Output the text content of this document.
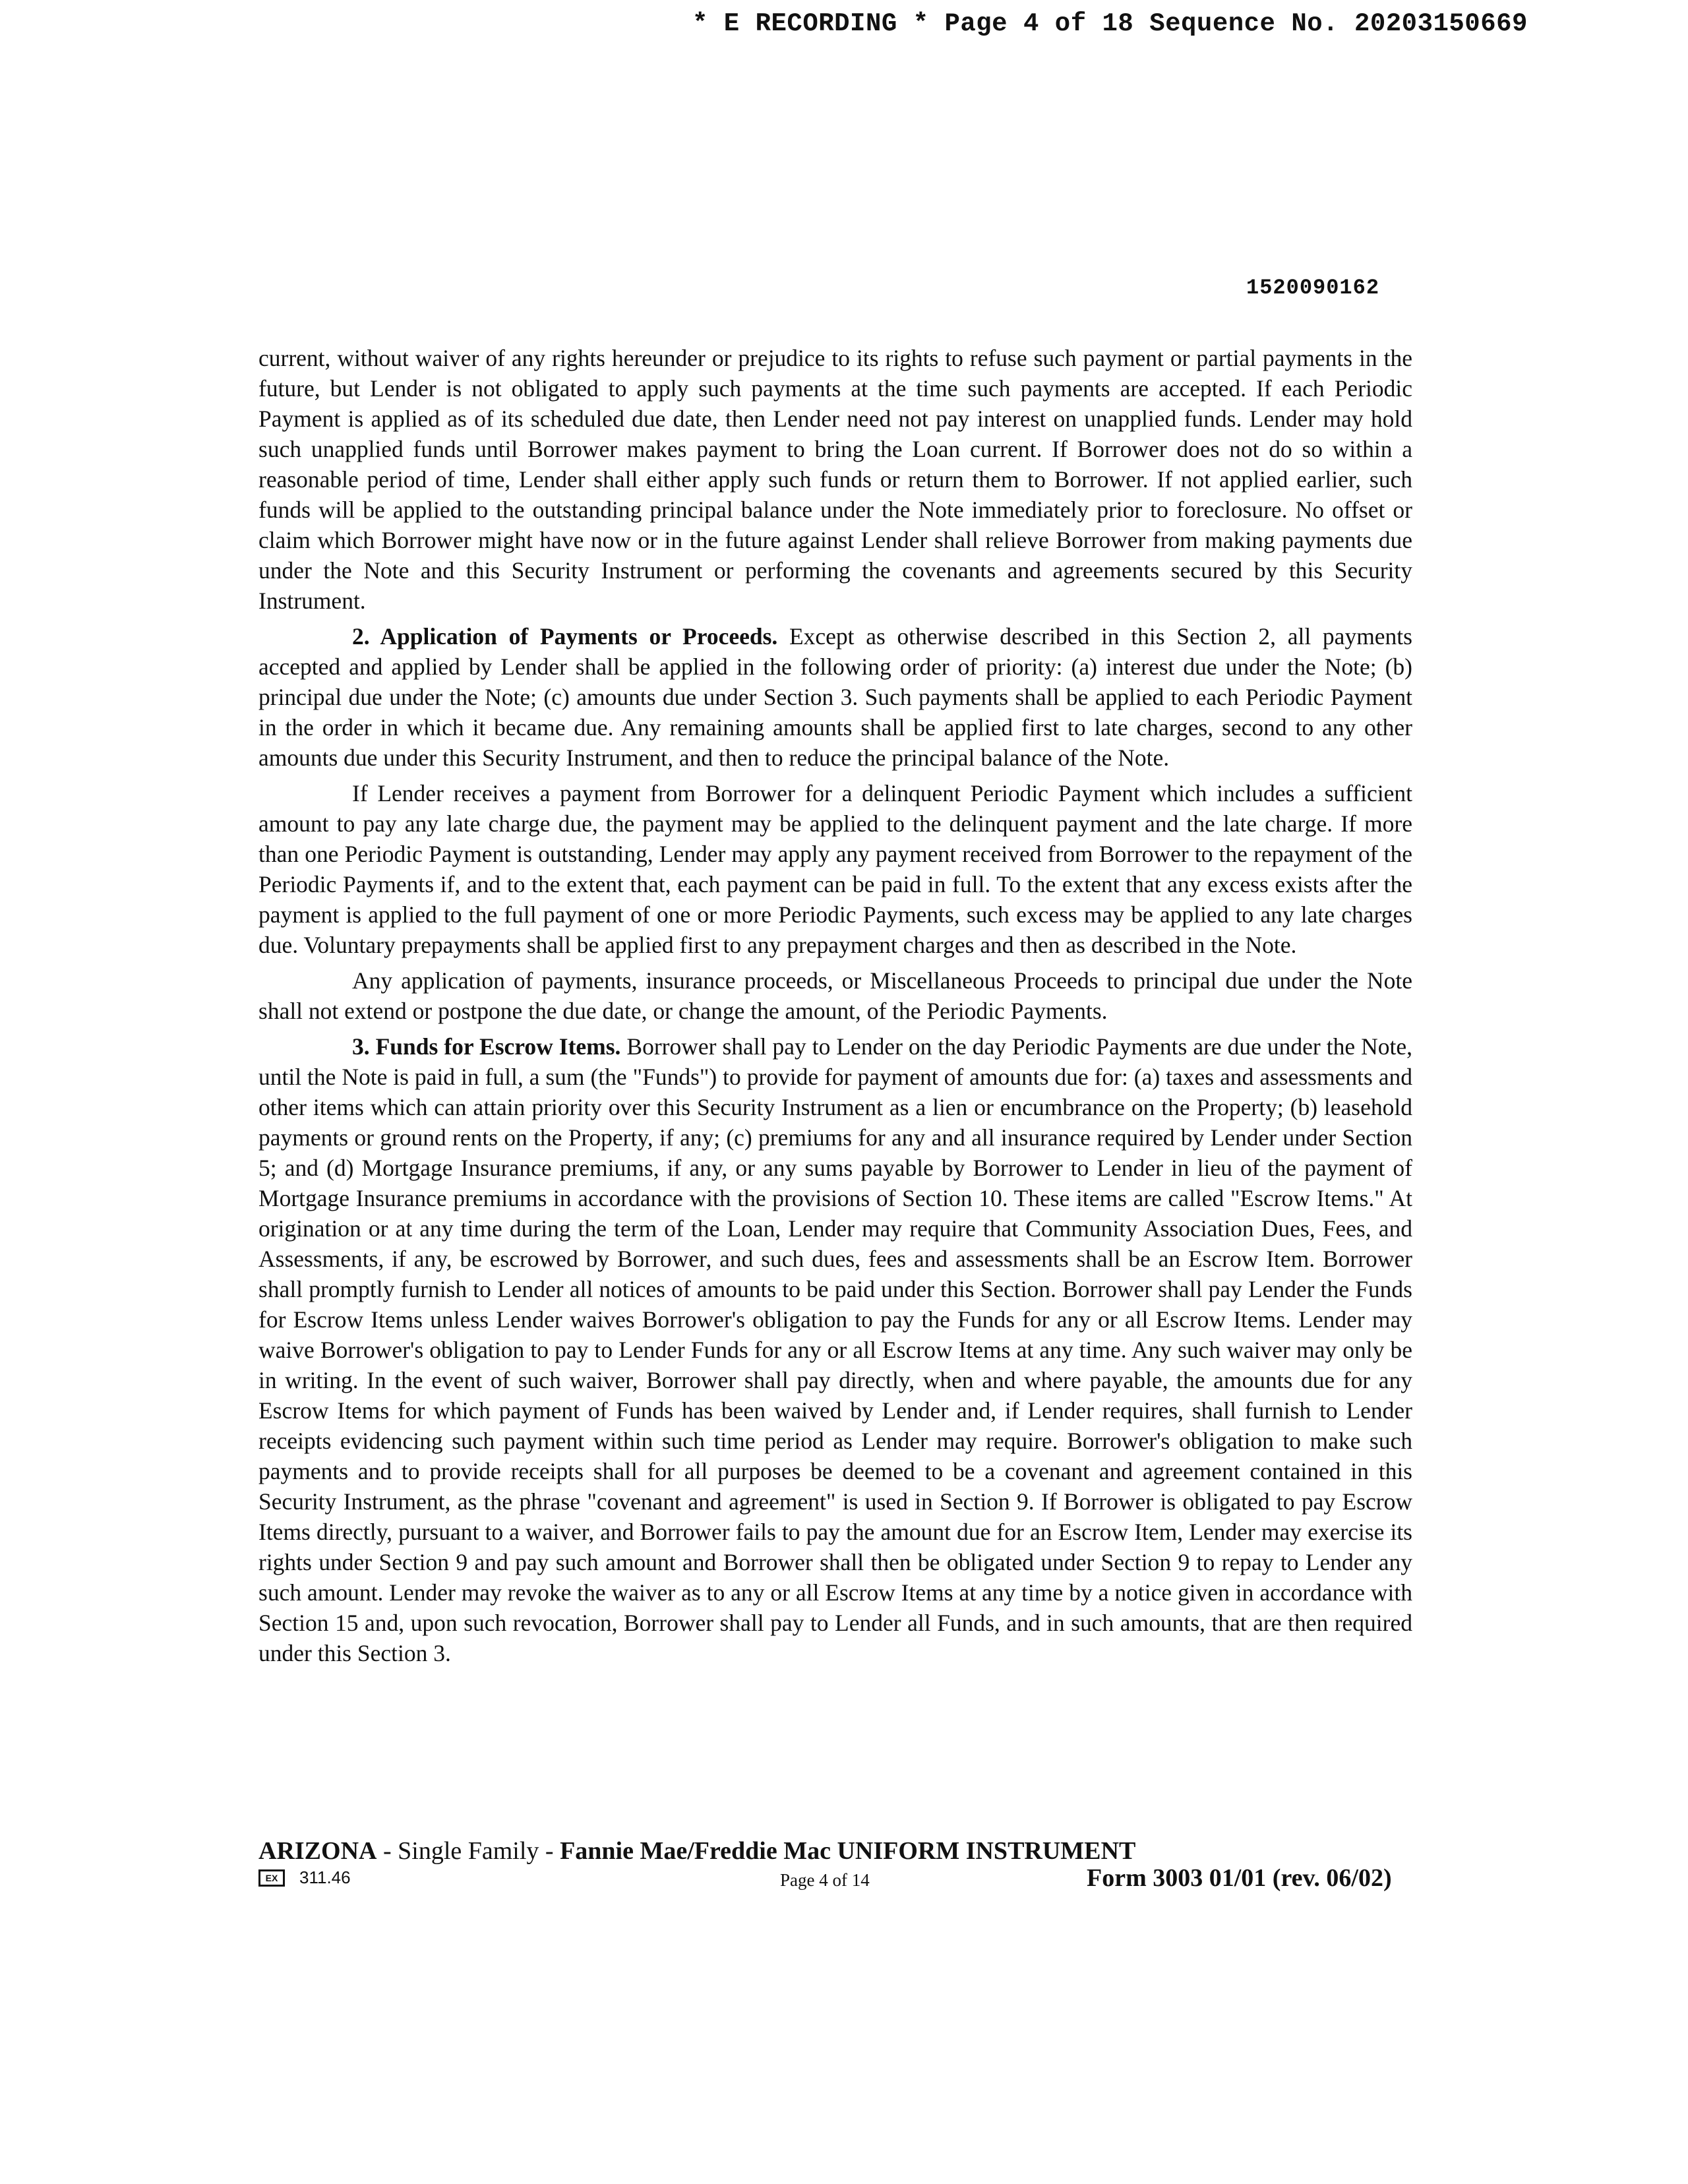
* E RECORDING * Page 4 of 18 Sequence No. 20203150669
1520090162

current, without waiver of any rights hereunder or prejudice to its rights to refuse such payment or partial payments in the future, but Lender is not obligated to apply such payments at the time such payments are accepted. If each Periodic Payment is applied as of its scheduled due date, then Lender need not pay interest on unapplied funds. Lender may hold such unapplied funds until Borrower makes payment to bring the Loan current. If Borrower does not do so within a reasonable period of time, Lender shall either apply such funds or return them to Borrower. If not applied earlier, such funds will be applied to the outstanding principal balance under the Note immediately prior to foreclosure. No offset or claim which Borrower might have now or in the future against Lender shall relieve Borrower from making payments due under the Note and this Security Instrument or performing the covenants and agreements secured by this Security Instrument.

2. Application of Payments or Proceeds. Except as otherwise described in this Section 2, all payments accepted and applied by Lender shall be applied in the following order of priority: (a) interest due under the Note; (b) principal due under the Note; (c) amounts due under Section 3. Such payments shall be applied to each Periodic Payment in the order in which it became due. Any remaining amounts shall be applied first to late charges, second to any other amounts due under this Security Instrument, and then to reduce the principal balance of the Note.

If Lender receives a payment from Borrower for a delinquent Periodic Payment which includes a sufficient amount to pay any late charge due, the payment may be applied to the delinquent payment and the late charge. If more than one Periodic Payment is outstanding, Lender may apply any payment received from Borrower to the repayment of the Periodic Payments if, and to the extent that, each payment can be paid in full. To the extent that any excess exists after the payment is applied to the full payment of one or more Periodic Payments, such excess may be applied to any late charges due. Voluntary prepayments shall be applied first to any prepayment charges and then as described in the Note.

Any application of payments, insurance proceeds, or Miscellaneous Proceeds to principal due under the Note shall not extend or postpone the due date, or change the amount, of the Periodic Payments.

3. Funds for Escrow Items. Borrower shall pay to Lender on the day Periodic Payments are due under the Note, until the Note is paid in full, a sum (the "Funds") to provide for payment of amounts due for: (a) taxes and assessments and other items which can attain priority over this Security Instrument as a lien or encumbrance on the Property; (b) leasehold payments or ground rents on the Property, if any; (c) premiums for any and all insurance required by Lender under Section 5; and (d) Mortgage Insurance premiums, if any, or any sums payable by Borrower to Lender in lieu of the payment of Mortgage Insurance premiums in accordance with the provisions of Section 10. These items are called "Escrow Items." At origination or at any time during the term of the Loan, Lender may require that Community Association Dues, Fees, and Assessments, if any, be escrowed by Borrower, and such dues, fees and assessments shall be an Escrow Item. Borrower shall promptly furnish to Lender all notices of amounts to be paid under this Section. Borrower shall pay Lender the Funds for Escrow Items unless Lender waives Borrower's obligation to pay the Funds for any or all Escrow Items. Lender may waive Borrower's obligation to pay to Lender Funds for any or all Escrow Items at any time. Any such waiver may only be in writing. In the event of such waiver, Borrower shall pay directly, when and where payable, the amounts due for any Escrow Items for which payment of Funds has been waived by Lender and, if Lender requires, shall furnish to Lender receipts evidencing such payment within such time period as Lender may require. Borrower's obligation to make such payments and to provide receipts shall for all purposes be deemed to be a covenant and agreement contained in this Security Instrument, as the phrase "covenant and agreement" is used in Section 9. If Borrower is obligated to pay Escrow Items directly, pursuant to a waiver, and Borrower fails to pay the amount due for an Escrow Item, Lender may exercise its rights under Section 9 and pay such amount and Borrower shall then be obligated under Section 9 to repay to Lender any such amount. Lender may revoke the waiver as to any or all Escrow Items at any time by a notice given in accordance with Section 15 and, upon such revocation, Borrower shall pay to Lender all Funds, and in such amounts, that are then required under this Section 3.

ARIZONA - Single Family - Fannie Mae/Freddie Mac UNIFORM INSTRUMENT
EX	311.46	Page 4 of 14	Form 3003 01/01 (rev. 06/02)
